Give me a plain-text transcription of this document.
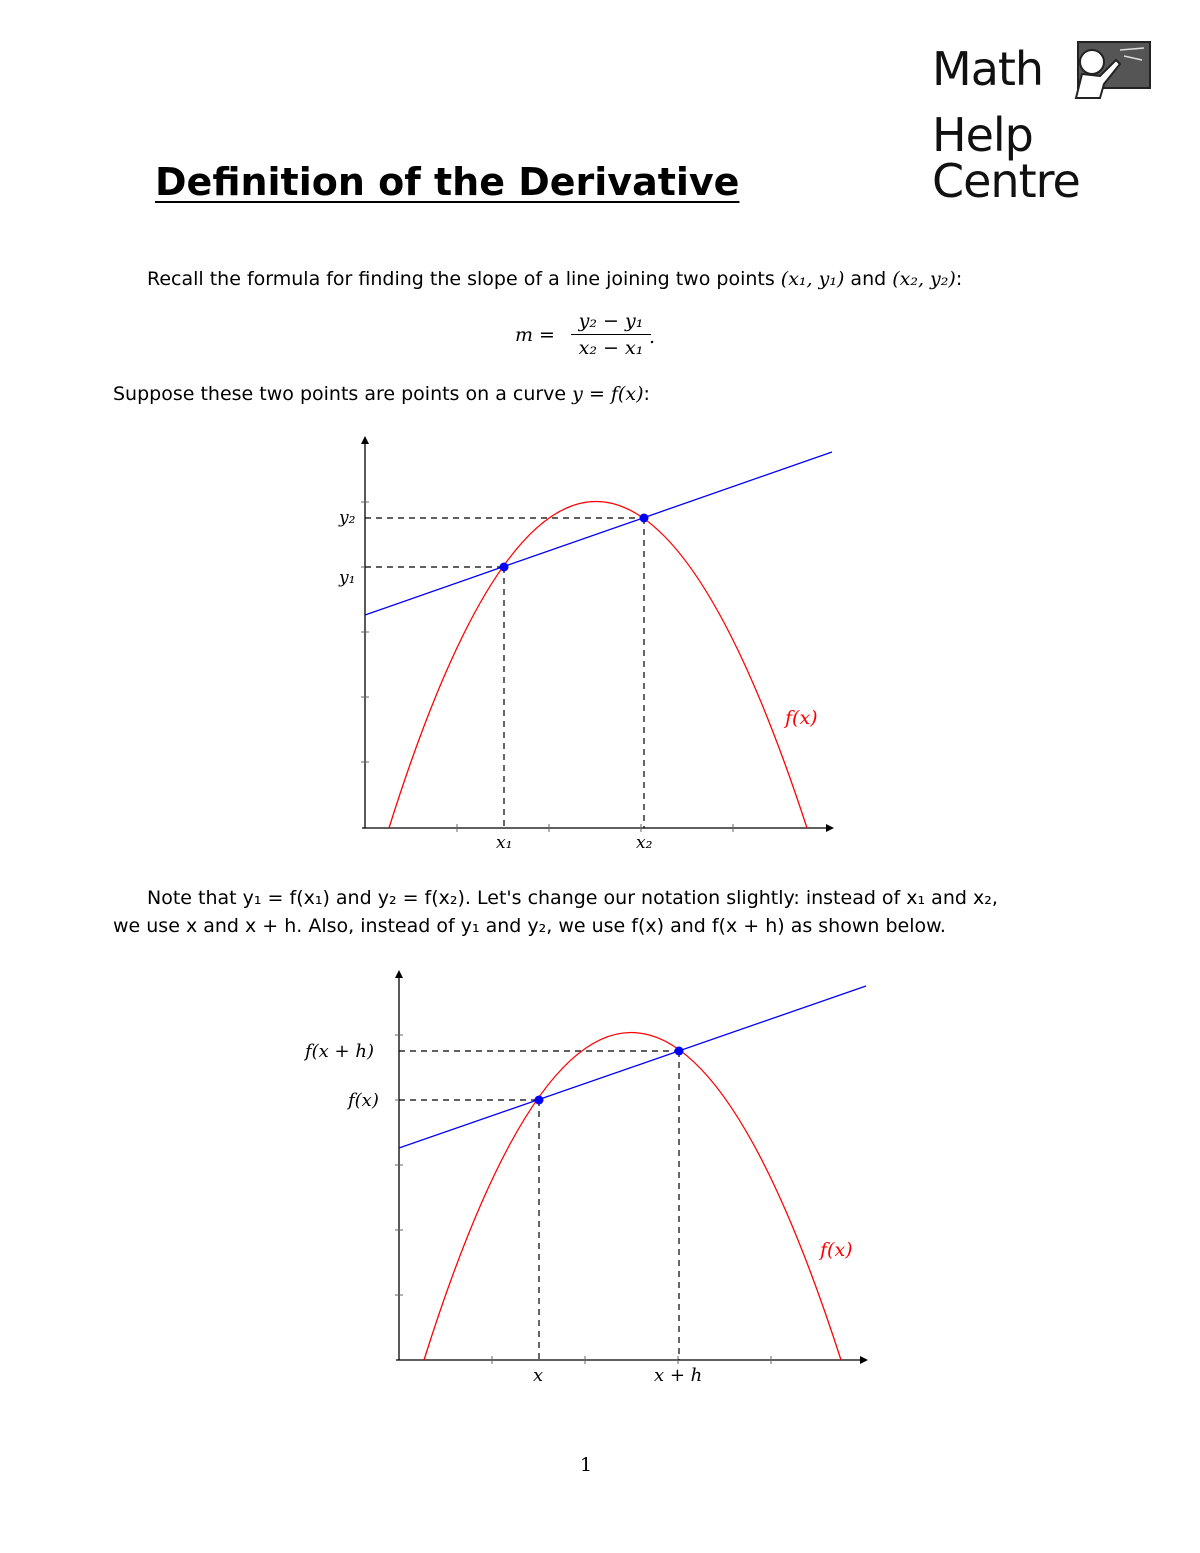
Math
Help Centre
Definition of the Derivative
Recall the formula for finding the slope of a line joining two points (x₁, y₁) and (x₂, y₂):
$m = \frac{\text{y₂ − y₁}}{\text{x₂ − x₁}}$
.
Suppose these two points are points on a curve y = f(x):
y₂
y₁
x₁	x₂
f(x)
Note that y₁ = f(x₁) and y₂ = f(x₂). Let's change our notation slightly: instead of x₁ and x₂,
we use x and x + h. Also, instead of y₁ and y₂, we use f(x) and f(x + h) as shown below.
f(x + h)
f(x)
x	x + h
f(x)
1
